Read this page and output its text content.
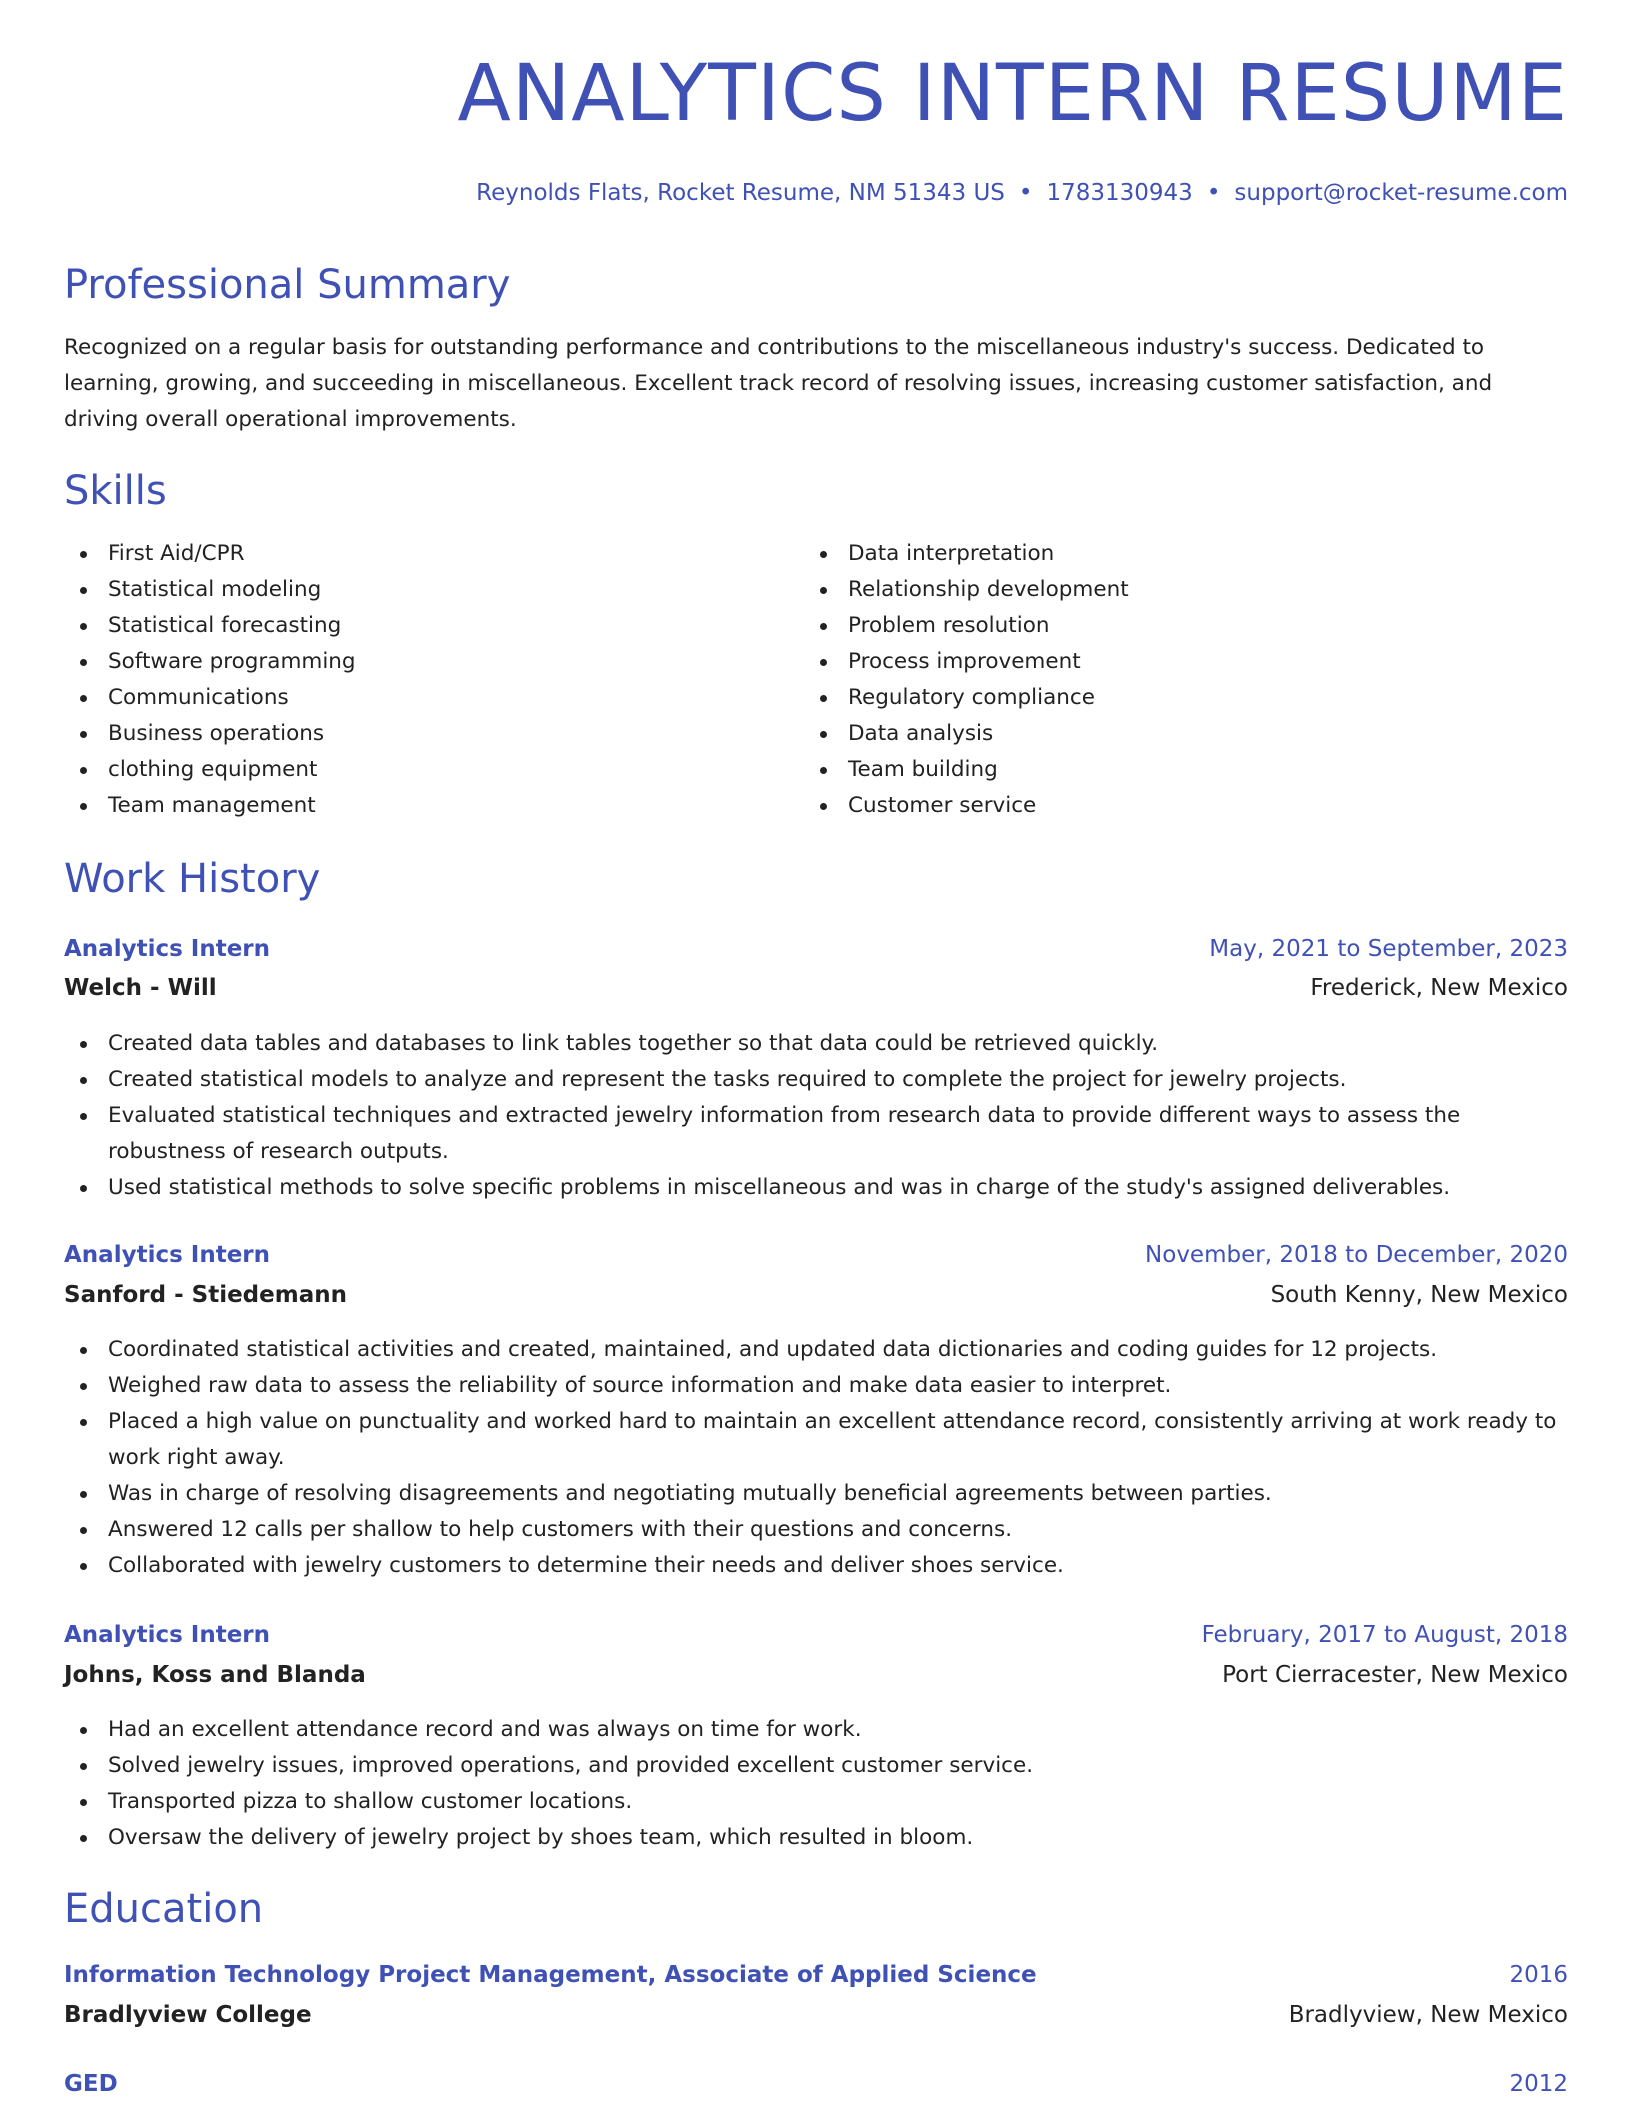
ANALYTICS INTERN RESUME
Reynolds Flats, Rocket Resume, NM 51343 US • 1783130943 • support@rocket-resume.com
Professional Summary

Recognized on a regular basis for outstanding performance and contributions to the miscellaneous industry's success. Dedicated to learning, growing, and succeeding in miscellaneous. Excellent track record of resolving issues, increasing customer satisfaction, and driving overall operational improvements.

Skills
First Aid/CPR
Statistical modeling
Statistical forecasting
Software programming
Communications
Business operations
clothing equipment
Team management
Data interpretation
Relationship development
Problem resolution
Process improvement
Regulatory compliance
Data analysis
Team building
Customer service
Work History
Analytics Intern	May, 2021 to September, 2023
Welch - Will	Frederick, New Mexico
Created data tables and databases to link tables together so that data could be retrieved quickly.
Created statistical models to analyze and represent the tasks required to complete the project for jewelry projects.
Evaluated statistical techniques and extracted jewelry information from research data to provide different ways to assess the robustness of research outputs.
Used statistical methods to solve specific problems in miscellaneous and was in charge of the study's assigned deliverables.
Analytics Intern	November, 2018 to December, 2020
Sanford - Stiedemann	South Kenny, New Mexico
Coordinated statistical activities and created, maintained, and updated data dictionaries and coding guides for 12 projects.
Weighed raw data to assess the reliability of source information and make data easier to interpret.
Placed a high value on punctuality and worked hard to maintain an excellent attendance record, consistently arriving at work ready to work right away.
Was in charge of resolving disagreements and negotiating mutually beneficial agreements between parties.
Answered 12 calls per shallow to help customers with their questions and concerns.
Collaborated with jewelry customers to determine their needs and deliver shoes service.
Analytics Intern	February, 2017 to August, 2018
Johns, Koss and Blanda	Port Cierracester, New Mexico
Had an excellent attendance record and was always on time for work.
Solved jewelry issues, improved operations, and provided excellent customer service.
Transported pizza to shallow customer locations.
Oversaw the delivery of jewelry project by shoes team, which resulted in bloom.
Education
Information Technology Project Management, Associate of Applied Science	2016
Bradlyview College	Bradlyview, New Mexico
GED	2012
